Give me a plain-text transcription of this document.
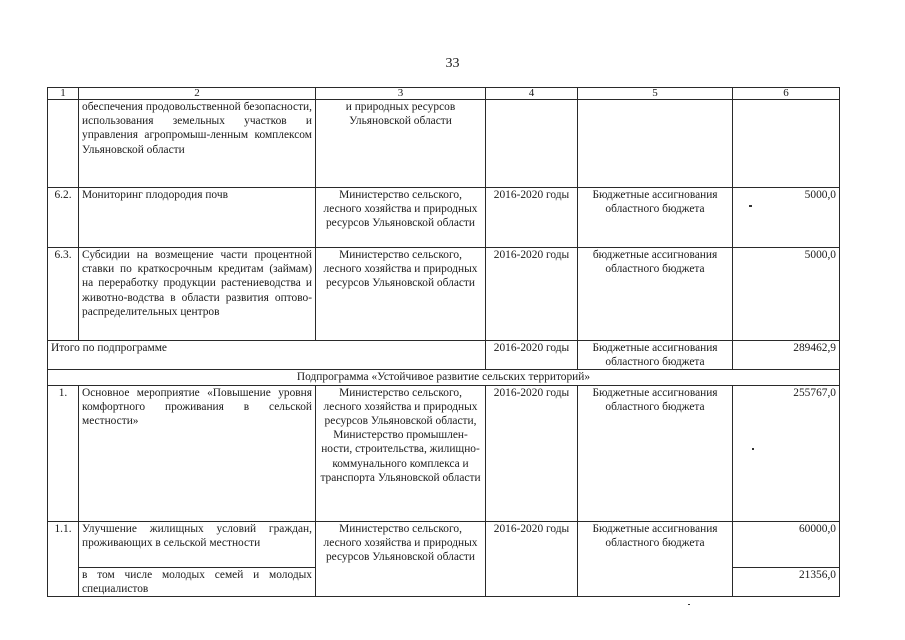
33
1	2	3	4	5	6
	обеспечения продовольственной безопасности, использования земельных участков и управления агропромыш-ленным комплексом Ульяновской области	и природных ресурсов Ульяновской области			
6.2.	Мониторинг плодородия почв	Министерство сельского, лесного хозяйства и природных ресурсов Ульяновской области	2016-2020 годы	Бюджетные ассигнования областного бюджета	5000,0
6.3.	Субсидии на возмещение части процентной ставки по краткосрочным кредитам (займам) на переработку продукции растениеводства и животно-водства в области развития оптово-распределительных центров	Министерство сельского, лесного хозяйства и природных ресурсов Ульяновской области	2016-2020 годы	бюджетные ассигнования областного бюджета	5000,0
Итого по подпрограмме			2016-2020 годы	Бюджетные ассигнования областного бюджета	289462,9
Подпрограмма «Устойчивое развитие сельских территорий»					
1.	Основное мероприятие «Повышение уровня комфортного проживания в сельской местности»	Министерство сельского, лесного хозяйства и природных ресурсов Ульяновской области, Министерство промышлен-ности, строительства, жилищно-коммунального комплекса и транспорта Ульяновской области	2016-2020 годы	Бюджетные ассигнования областного бюджета	255767,0
1.1.	Улучшение жилищных условий граждан, проживающих в сельской местности	Министерство сельского, лесного хозяйства и природных ресурсов Ульяновской области	2016-2020 годы	Бюджетные ассигнования областного бюджета	60000,0
	в том числе молодых семей и молодых специалистов				21356,0
